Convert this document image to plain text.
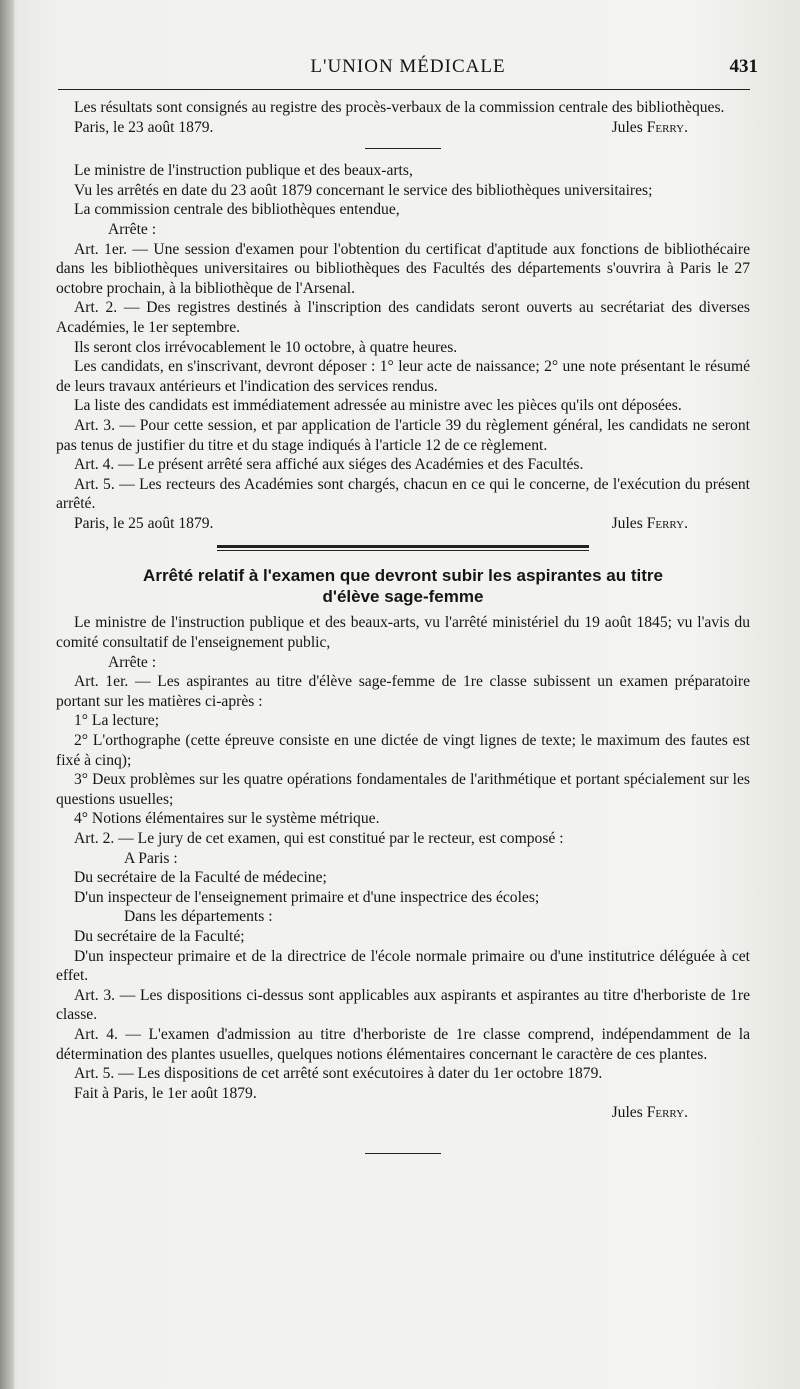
L'UNION MÉDICALE	431

Les résultats sont consignés au registre des procès-verbaux de la commission centrale des bibliothèques.

Paris, le 23 août 1879.	Jules Ferry.

Le ministre de l'instruction publique et des beaux-arts,

Vu les arrêtés en date du 23 août 1879 concernant le service des bibliothèques universitaires;

La commission centrale des bibliothèques entendue,

Arrête :

Art. 1er. — Une session d'examen pour l'obtention du certificat d'aptitude aux fonctions de bibliothécaire dans les bibliothèques universitaires ou bibliothèques des Facultés des départements s'ouvrira à Paris le 27 octobre prochain, à la bibliothèque de l'Arsenal.

Art. 2. — Des registres destinés à l'inscription des candidats seront ouverts au secrétariat des diverses Académies, le 1er septembre.

Ils seront clos irrévocablement le 10 octobre, à quatre heures.

Les candidats, en s'inscrivant, devront déposer : 1° leur acte de naissance; 2° une note présentant le résumé de leurs travaux antérieurs et l'indication des services rendus.

La liste des candidats est immédiatement adressée au ministre avec les pièces qu'ils ont déposées.

Art. 3. — Pour cette session, et par application de l'article 39 du règlement général, les candidats ne seront pas tenus de justifier du titre et du stage indiqués à l'article 12 de ce règlement.

Art. 4. — Le présent arrêté sera affiché aux siéges des Académies et des Facultés.

Art. 5. — Les recteurs des Académies sont chargés, chacun en ce qui le concerne, de l'exécution du présent arrêté.

Paris, le 25 août 1879.	Jules Ferry.
Arrêté relatif à l'examen que devront subir les aspirantes au titre
d'élève sage-femme

Le ministre de l'instruction publique et des beaux-arts, vu l'arrêté ministériel du 19 août 1845; vu l'avis du comité consultatif de l'enseignement public,

Arrête :

Art. 1er. — Les aspirantes au titre d'élève sage-femme de 1re classe subissent un examen préparatoire portant sur les matières ci-après :

1° La lecture;

2° L'orthographe (cette épreuve consiste en une dictée de vingt lignes de texte; le maximum des fautes est fixé à cinq);

3° Deux problèmes sur les quatre opérations fondamentales de l'arithmétique et portant spécialement sur les questions usuelles;

4° Notions élémentaires sur le système métrique.

Art. 2. — Le jury de cet examen, qui est constitué par le recteur, est composé :

A Paris :

Du secrétaire de la Faculté de médecine;

D'un inspecteur de l'enseignement primaire et d'une inspectrice des écoles;

Dans les départements :

Du secrétaire de la Faculté;

D'un inspecteur primaire et de la directrice de l'école normale primaire ou d'une institutrice déléguée à cet effet.

Art. 3. — Les dispositions ci-dessus sont applicables aux aspirants et aspirantes au titre d'herboriste de 1re classe.

Art. 4. — L'examen d'admission au titre d'herboriste de 1re classe comprend, indépendamment de la détermination des plantes usuelles, quelques notions élémentaires concernant le caractère de ces plantes.

Art. 5. — Les dispositions de cet arrêté sont exécutoires à dater du 1er octobre 1879.

Fait à Paris, le 1er août 1879.

Jules Ferry.
